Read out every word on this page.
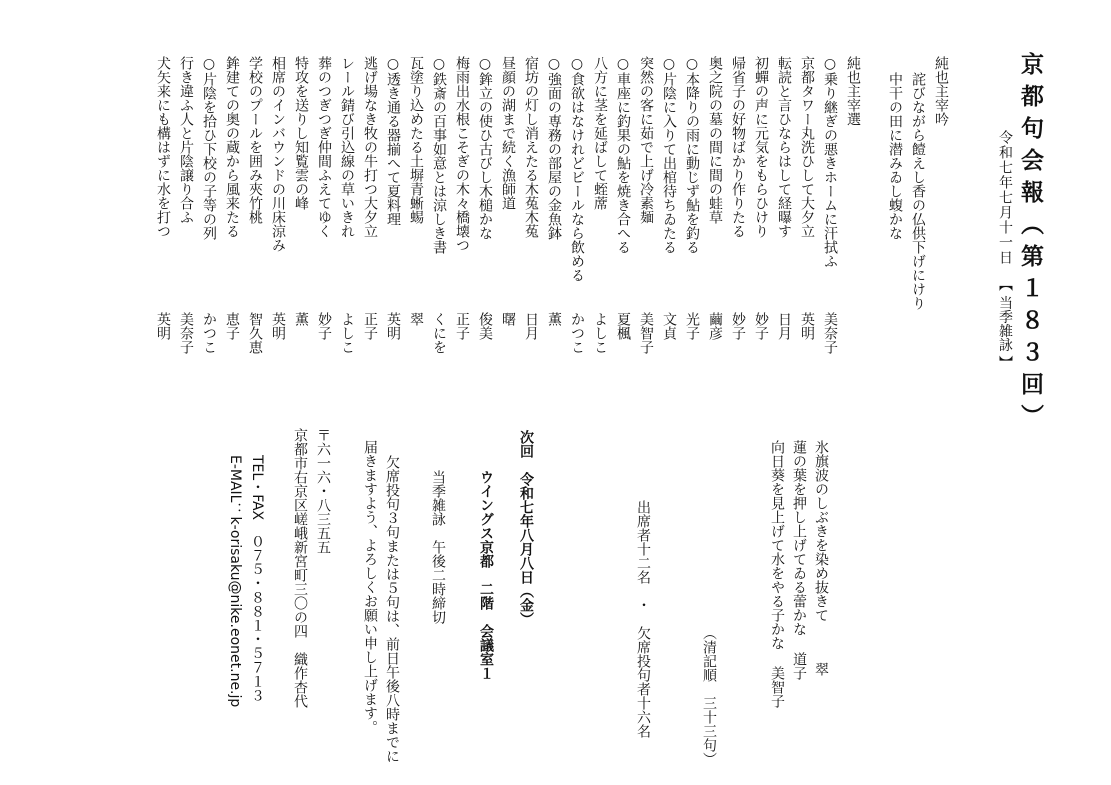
京都句会報（第１８３回）
令和七年七月十一日
【 当季雑詠 】
純也主宰吟
詫びながら饐えし香の仏供下げにけり
中干の田に潜みゐし蝮かな
純也主宰選
○乗り継ぎの悪きホームに汗拭ふ
美奈子
京都タワー丸洗ひして大夕立
英明
転読と言ひならはして経曝す
日月
初蟬の声に元気をもらひけり
妙子
帰省子の好物ばかり作りたる
妙子
奥之院の墓の間に間の蛙草
繭彦
○本降りの雨に動じず鮎を釣る
光子
○片陰に入りて出棺待ちゐたる
文貞
突然の客に茹で上げ冷素麺
美智子
○車座に釣果の鮎を焼き合へる
夏楓
八方に茎を延ばして蛭蓆
よしこ
○食欲はなけれどビールなら飲める
かつこ
○強面の専務の部屋の金魚鉢
薫
宿坊の灯し消えたる木菟木菟
日月
昼顔の湖まで続く漁師道
曙
○鉾立の使ひ古びし木槌かな
俊美
梅雨出水根こそぎの木々橋壊つ
正子
○鉄斎の百事如意とは涼しき書
くにを
瓦塗り込めたる土塀青蜥蜴
翠
○透き通る器揃へて夏料理
英明
逃げ場なき牧の牛打つ大夕立
正子
レール錆び引込線の草いきれ
よしこ
葬のつぎつぎ仲間ふえてゆく
妙子
特攻を送りし知覧雲の峰
薫
相席のインバウンドの川床涼み
英明
学校のプールを囲み夾竹桃
智久恵
鉾建ての奥の蔵から風来たる
恵子
○片陰を拾ひ下校の子等の列
かつこ
行き違ふ人と片陰譲り合ふ
美奈子
犬矢来にも構はずに水を打つ
英明
氷旗波のしぶきを染め抜きて翠
蓮の葉を押し上げてゐる蕾かな道子
向日葵を見上げて水をやる子かな美智子
（清記順　三十三句）
出席者十二名　・　欠席投句者十六名
次回　令和七年八月八日（金）
ウイングス京都　二階　会議室１
当季雑詠　午後二時締切
欠席投句３句または５句は、前日午後八時までに
届きますよう、よろしくお願い申し上げます。
〒六一六・八三五五
京都市右京区嵯峨新宮町三〇の四　織作杏代
TEL・FAX　０７５・８８１・５７１３
E-MAIL：k-orisaku@nike.eonet.ne.jp
